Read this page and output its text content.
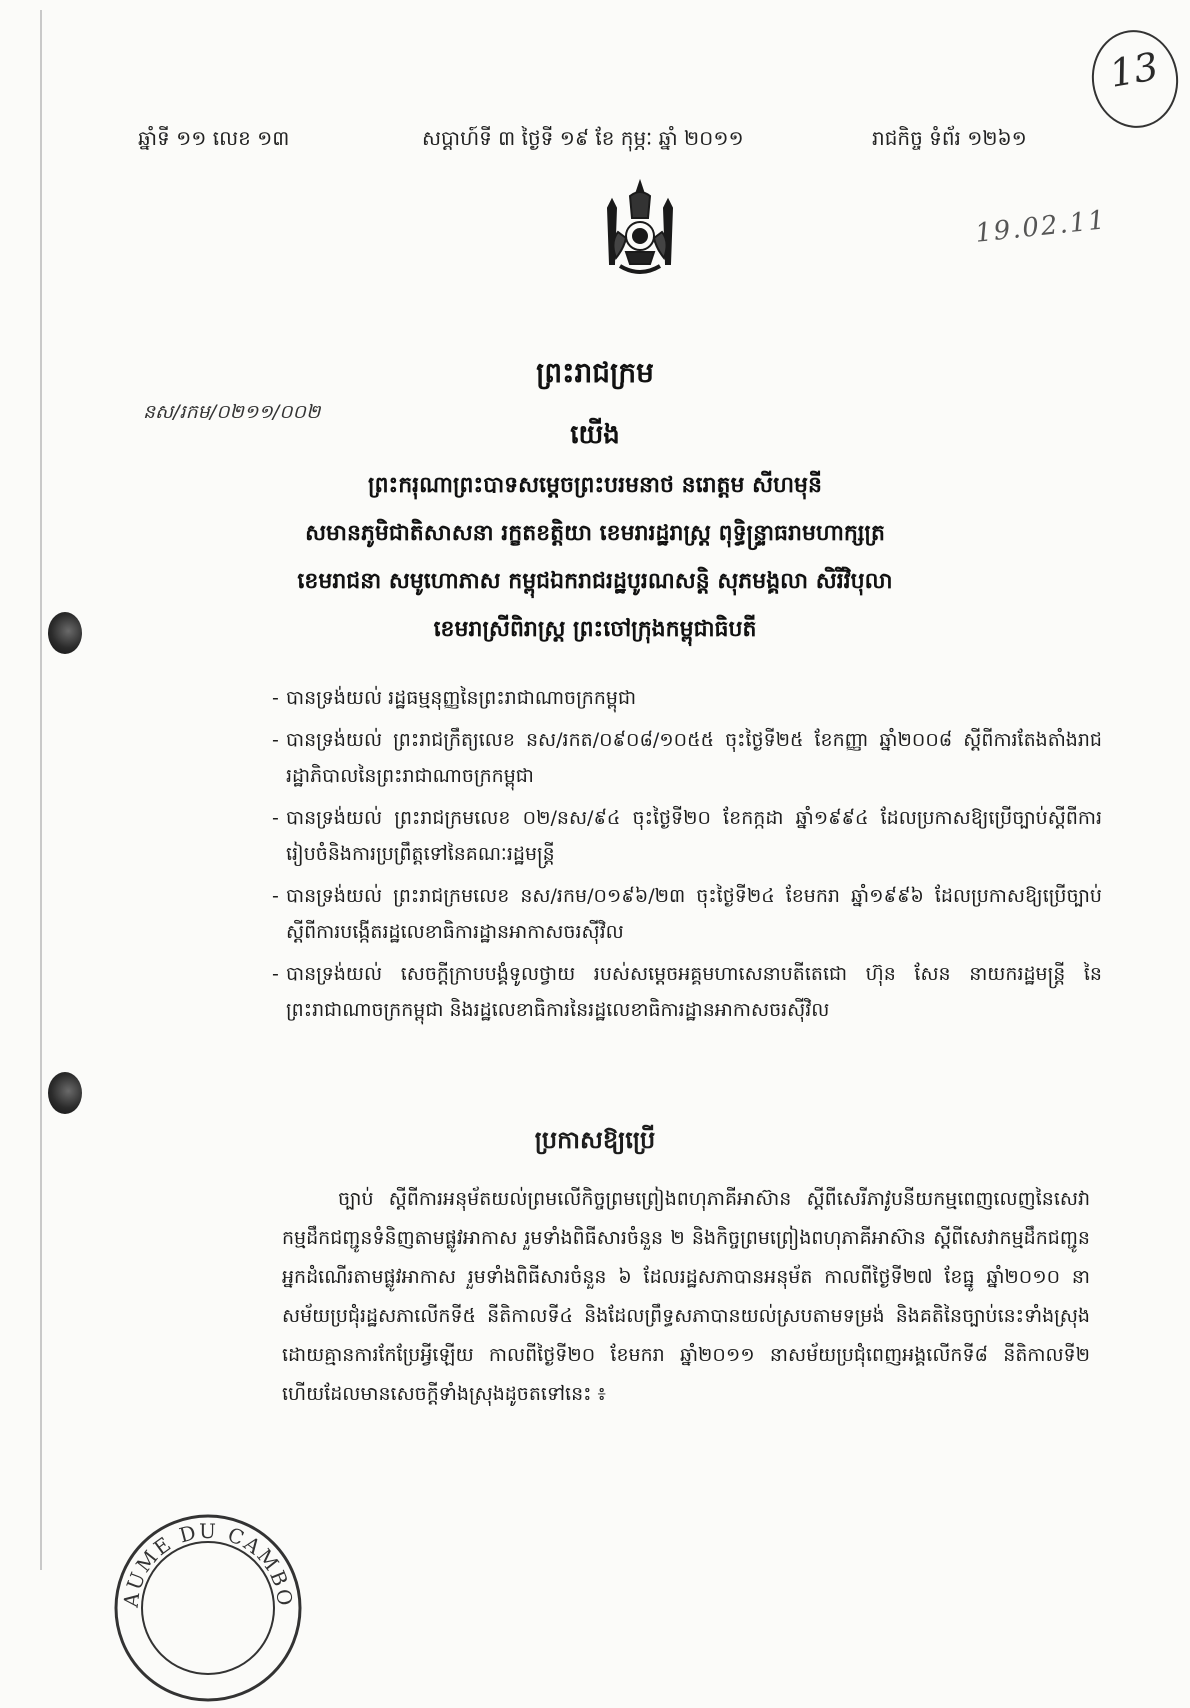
13
19.02.11
ឆ្នាំទី ១១ លេខ ១៣	សប្តាហ៍ទី ៣ ថ្ងៃទី ១៩ ខែ កុម្ភៈ ឆ្នាំ ២០១១	រាជកិច្ច ទំព័រ ១២៦១
នស/រកម/០២១១/០០២
ព្រះរាជក្រម
យើង
ព្រះករុណាព្រះបាទសម្តេចព្រះបរមនាថ នរោត្តម សីហមុនី
សមានភូមិជាតិសាសនា រក្ខតខត្តិយា ខេមរារដ្ឋរាស្ត្រ ពុទ្ធិន្ទ្រាធរាមហាក្សត្រ
ខេមរាជនា សមូហោភាស កម្ពុជឯករាជរដ្ឋបូរណសន្តិ សុភមង្គលា សិរីវិបុលា
ខេមរាស្រីពិរាស្ត្រ ព្រះចៅក្រុងកម្ពុជាធិបតី
- បានទ្រង់យល់ រដ្ឋធម្មនុញ្ញនៃព្រះរាជាណាចក្រកម្ពុជា
- បានទ្រង់យល់ ព្រះរាជក្រឹត្យលេខ នស/រកត/០៩០៨/១០៥៥ ចុះថ្ងៃទី២៥ ខែកញ្ញា ឆ្នាំ២០០៨ ស្តីពីការតែងតាំងរាជរដ្ឋាភិបាលនៃព្រះរាជាណាចក្រកម្ពុជា
- បានទ្រង់យល់ ព្រះរាជក្រមលេខ ០២/នស/៩៤ ចុះថ្ងៃទី២០ ខែកក្កដា ឆ្នាំ១៩៩៤ ដែលប្រកាសឱ្យប្រើច្បាប់ស្តីពីការរៀបចំនិងការប្រព្រឹត្តទៅនៃគណៈរដ្ឋមន្ត្រី
- បានទ្រង់យល់ ព្រះរាជក្រមលេខ នស/រកម/០១៩៦/២៣ ចុះថ្ងៃទី២៤ ខែមករា ឆ្នាំ១៩៩៦ ដែលប្រកាសឱ្យប្រើច្បាប់ស្តីពីការបង្កើតរដ្ឋលេខាធិការដ្ឋានអាកាសចរស៊ីវិល
- បានទ្រង់យល់ សេចក្តីក្រាបបង្គំទូលថ្វាយ របស់សម្តេចអគ្គមហាសេនាបតីតេជោ ហ៊ុន សែន នាយករដ្ឋមន្ត្រី នៃព្រះរាជាណាចក្រកម្ពុជា និងរដ្ឋលេខាធិការនៃរដ្ឋលេខាធិការដ្ឋានអាកាសចរស៊ីវិល
ប្រកាសឱ្យប្រើ

ច្បាប់ ស្តីពីការអនុម័តយល់ព្រមលើកិច្ចព្រមព្រៀងពហុភាគីអាស៊ាន ស្តីពីសេរីភាវូបនីយកម្មពេញលេញនៃសេវាកម្មដឹកជញ្ជូនទំនិញតាមផ្លូវអាកាស រួមទាំងពិធីសារចំនួន ២ និងកិច្ចព្រមព្រៀងពហុភាគីអាស៊ាន ស្តីពីសេវាកម្មដឹកជញ្ជូនអ្នកដំណើរតាមផ្លូវអាកាស រួមទាំងពិធីសារចំនួន ៦ ដែលរដ្ឋសភាបានអនុម័ត កាលពីថ្ងៃទី២៧ ខែធ្នូ ឆ្នាំ២០១០ នាសម័យប្រជុំរដ្ឋសភាលើកទី៥ នីតិកាលទី៤ និងដែលព្រឹទ្ធសភាបានយល់ស្របតាមទម្រង់ និងគតិនៃច្បាប់នេះទាំងស្រុង ដោយគ្មានការកែប្រែអ្វីឡើយ កាលពីថ្ងៃទី២០ ខែមករា ឆ្នាំ២០១១ នាសម័យប្រជុំពេញអង្គលើកទី៨ នីតិកាលទី២ ហើយដែលមានសេចក្តីទាំងស្រុងដូចតទៅនេះ ៖

AUME DU CAMBO
